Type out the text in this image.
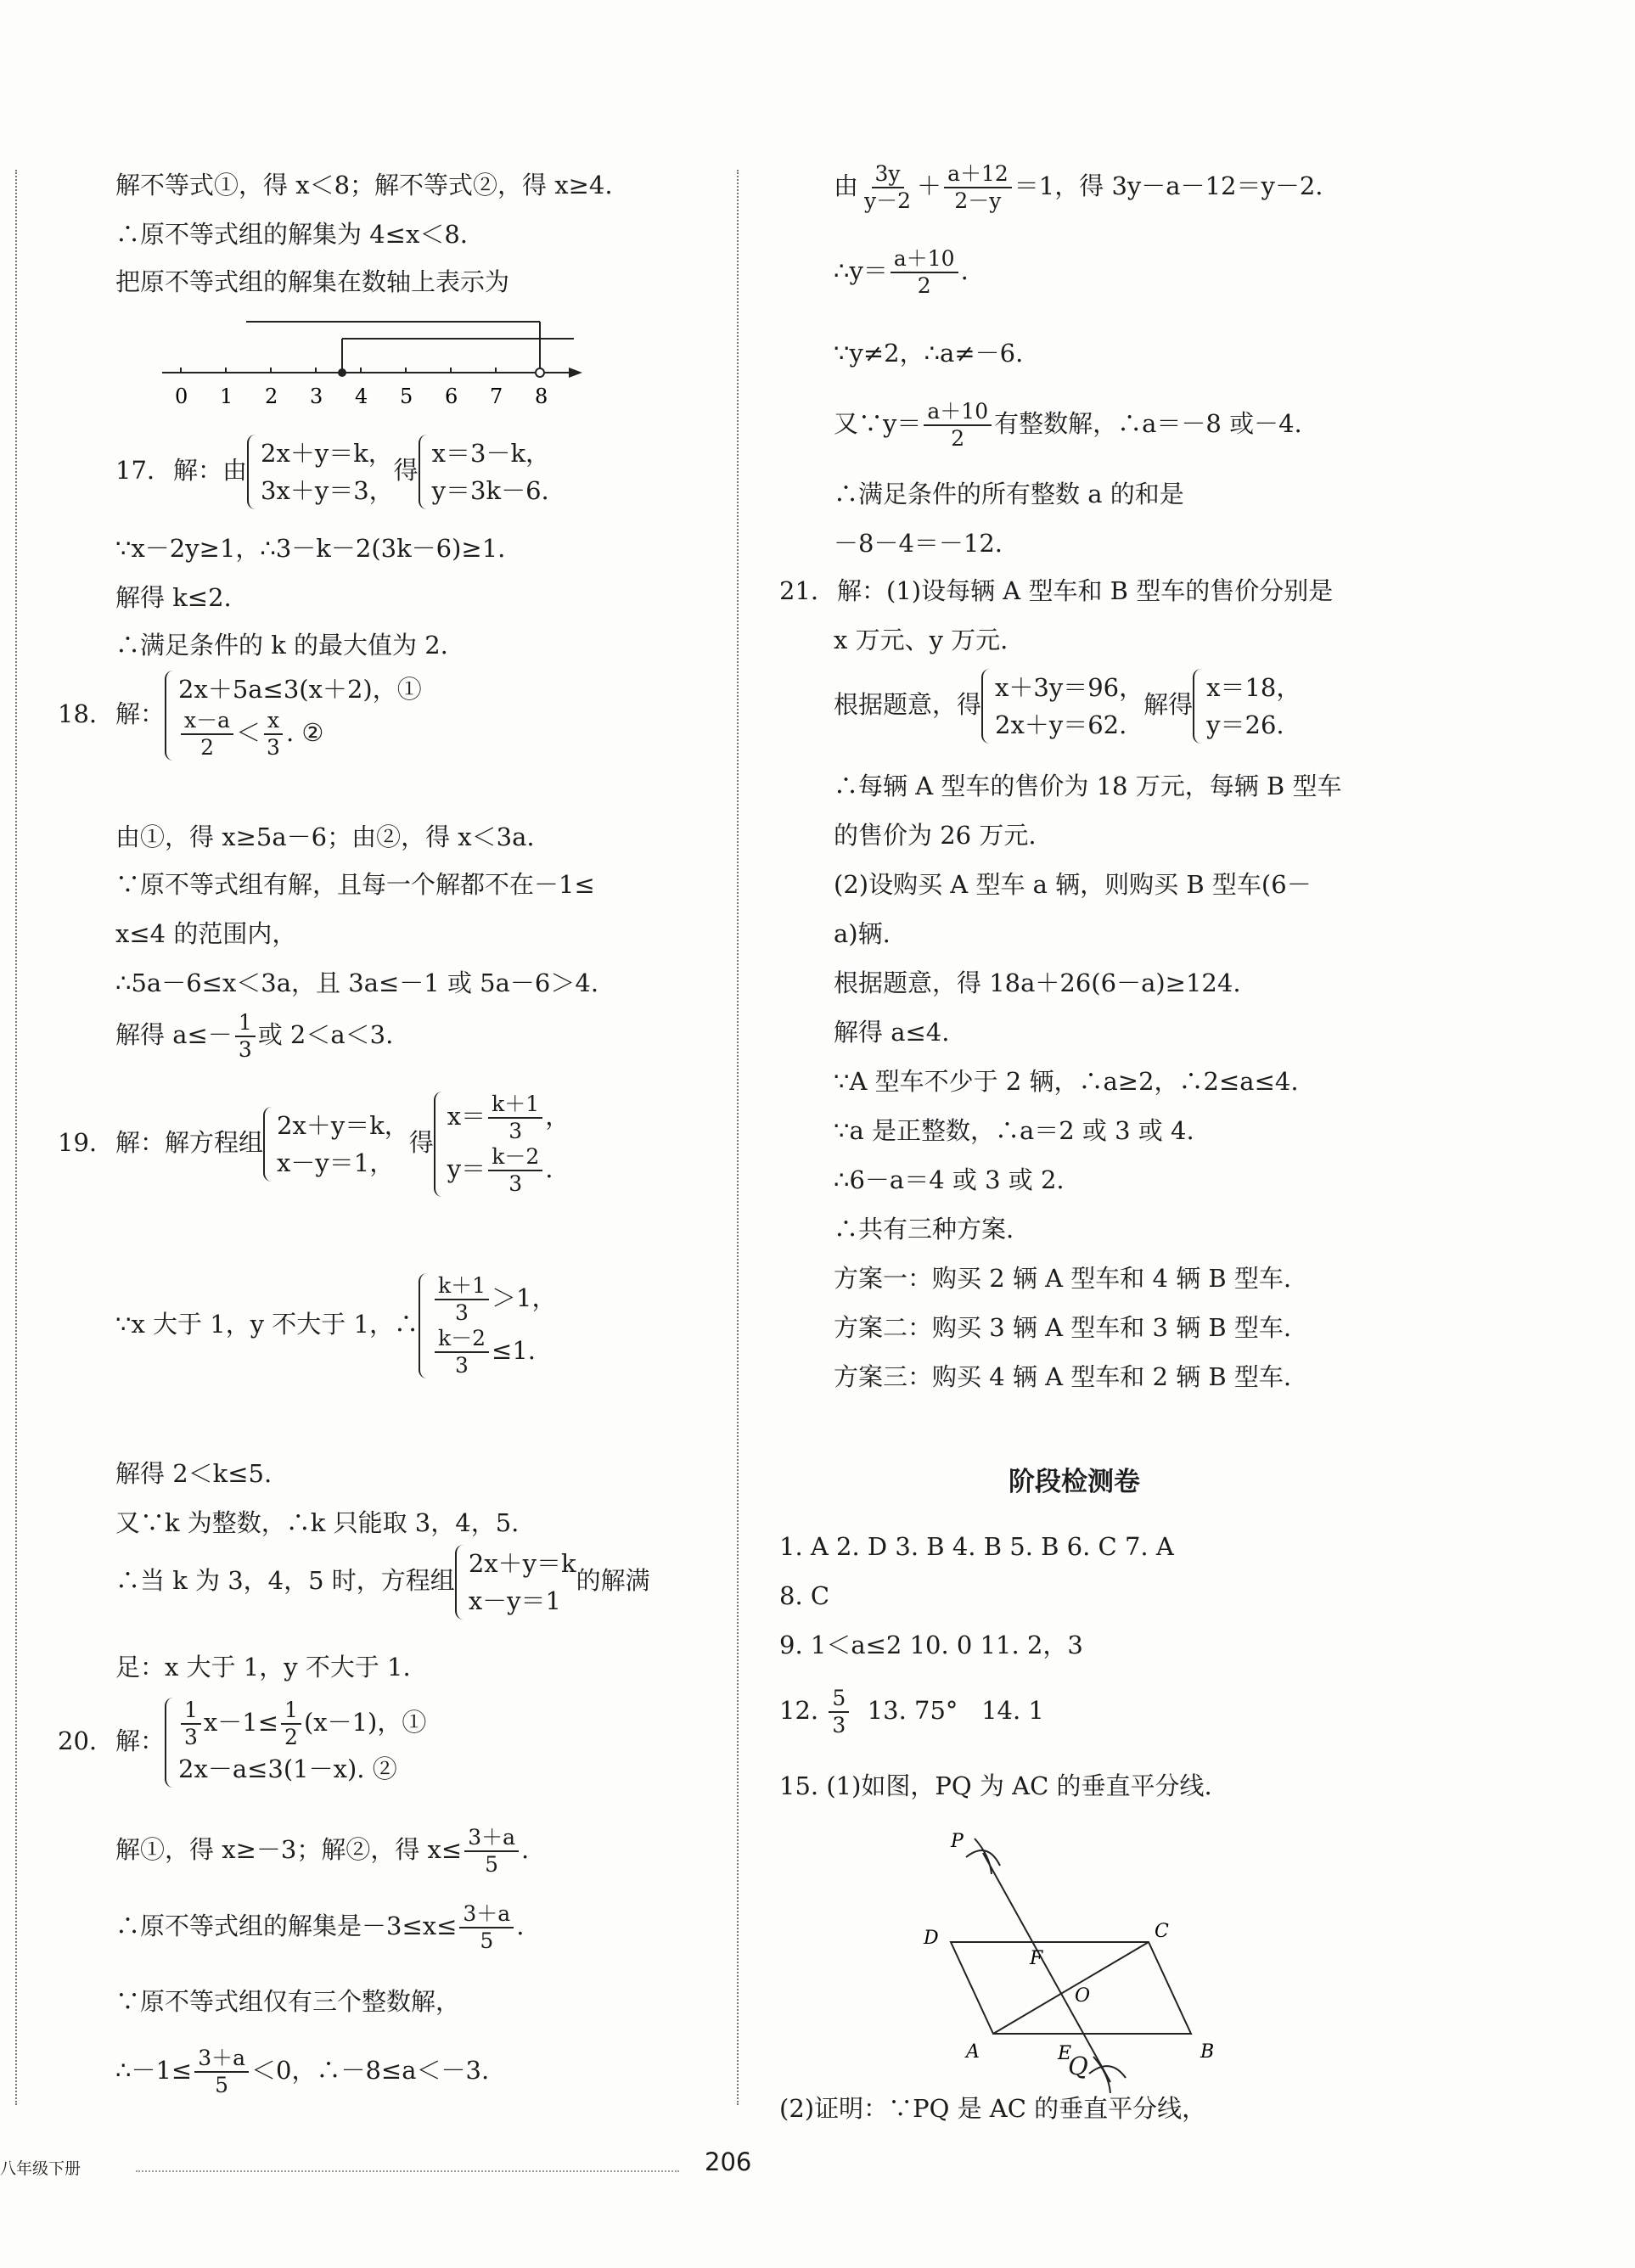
解不等式①，得 x＜8；解不等式②，得 x≥4.
∴原不等式组的解集为 4≤x＜8.
把原不等式组的解集在数轴上表示为
0 1 2 3 4 5 6 7 8
17. 解：由
2x＋y＝k，
3x＋y＝3，
得
x＝3－k，
y＝3k－6.
∵x－2y≥1，∴3－k－2(3k－6)≥1.
解得 k≤2.
∴满足条件的 k 的最大值为 2.
18. 解：
2x＋5a≤3(x＋2)，①
$\frac{x-a}{2} < \frac{x}{3}$ . ②
由①，得 x≥5a－6；由②，得 x＜3a.
∵原不等式组有解，且每一个解都不在－1≤
x≤4 的范围内，
∴5a－6≤x＜3a，且 3a≤－1 或 5a－6＞4.
解得 $a\le- \frac{1}{3}$ 或 2＜a＜3.
19. 解：解方程组
2x＋y＝k，
x－y＝1，
得
$x= \frac{k+1}{3}$ ，
$y= \frac{k-2}{3}$ .
∵x 大于 1，y 不大于 1，∴ $\frac{k+1}{3} >1$，
$\frac{k-2}{3} \le 1$.
解得 2＜k≤5.
又∵k 为整数，∴k 只能取 3，4，5.
∴当 k 为 3，4，5 时，方程组
2x＋y＝k
x－y＝1
的解满
足：x 大于 1，y 不大于 1.
20. 解： $\frac{1}{3} x-1\le \frac{1}{2} (x-1)$，①
2x－a≤3(1－x). ②
解①，得 x≥－3；解②，得 $x\le \frac{3+a}{5}$ .
∴原不等式组的解集是$-3\le x\le \frac{3+a}{5}$ .
∵原不等式组仅有三个整数解，
∴－1≤ $\frac{3+a}{5} <0$，∴－8≤a＜－3.
由 $\frac{3y}{y-2} + \frac{a+12}{2-y} =1$，得 3y－a－12＝y－2.
∴y＝ $\frac{a+10}{2}$ .
∵y≠2，∴a≠－6.
又∵y＝ $\frac{a+10}{2}$ 有整数解，∴a＝－8 或－4.
∴满足条件的所有整数 a 的和是
－8－4＝－12.
21. 解：(1)设每辆 A 型车和 B 型车的售价分别是
x 万元、y 万元.
根据题意，得
x＋3y＝96，
2x＋y＝62.
解得
x＝18，
y＝26.
∴每辆 A 型车的售价为 18 万元，每辆 B 型车
的售价为 26 万元.
(2)设购买 A 型车 a 辆，则购买 B 型车(6－
a)辆.
根据题意，得 18a＋26(6－a)≥124.
解得 a≤4.
∵A 型车不少于 2 辆，∴a≥2，∴2≤a≤4.
∵a 是正整数，∴a＝2 或 3 或 4.
∴6－a＝4 或 3 或 2.
∴共有三种方案.
方案一：购买 2 辆 A 型车和 4 辆 B 型车.
方案二：购买 3 辆 A 型车和 3 辆 B 型车.
方案三：购买 4 辆 A 型车和 2 辆 B 型车.
阶段检测卷
1. A 2. D 3. B 4. B 5. B 6. C 7. A
8. C
9. 1＜a≤2 10. 0 11. 2，3
12. $\frac{5}{3} 13$. 75°   14. 1
15. (1)如图，PQ 为 AC 的垂直平分线.
P
D	C
F
O
A	E	B
Q
(2)证明：∵PQ 是 AC 的垂直平分线，
八年级下册	206
